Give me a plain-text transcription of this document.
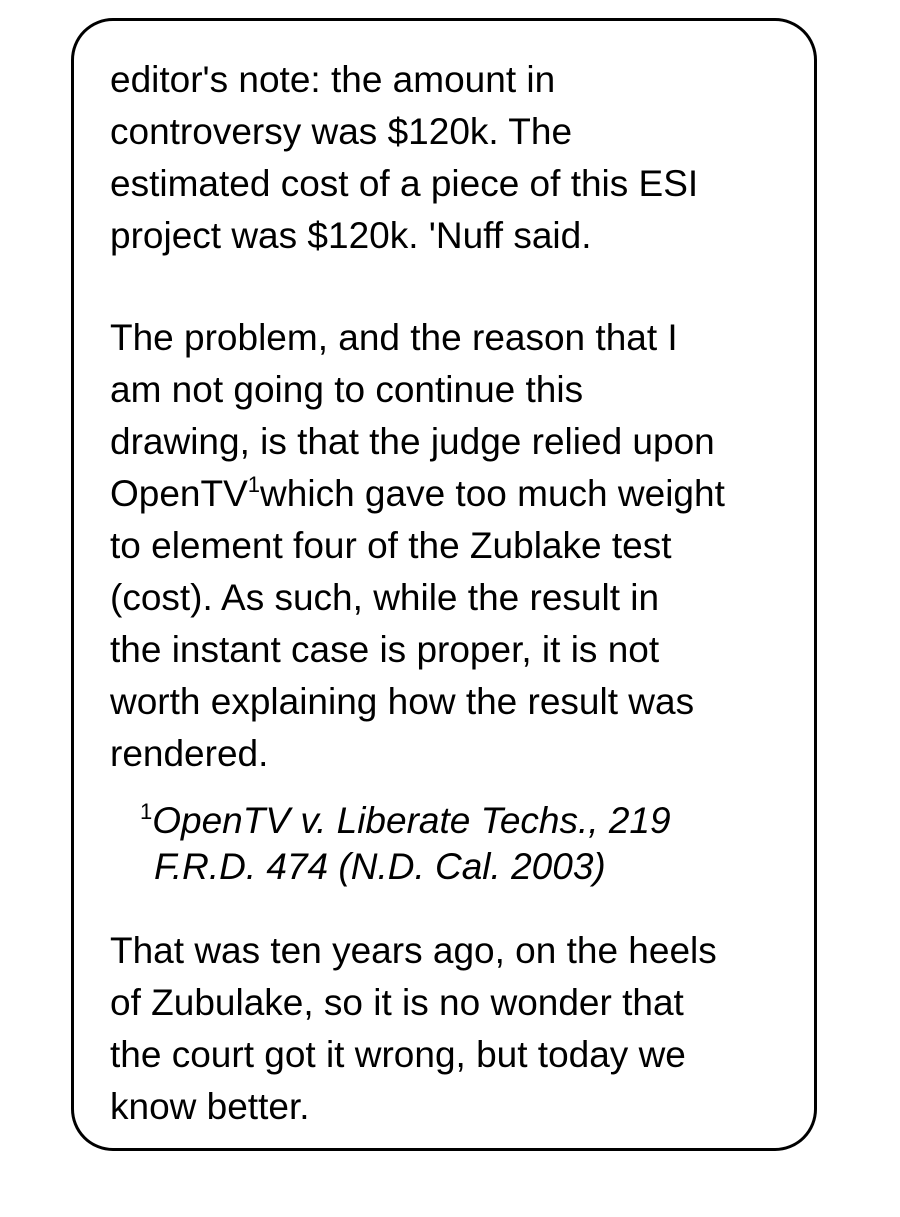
editor's note: the amount in
controversy was $120k. The
estimated cost of a piece of this ESI
project was $120k. 'Nuff said.
The problem, and the reason that I
am not going to continue this
drawing, is that the judge relied upon
OpenTV$^1$which gave too much weight
to element four of the Zublake test
(cost). As such, while the result in
the instant case is proper, it is not
worth explaining how the result was
rendered.
$^1$OpenTV v. Liberate Techs., 219
F.R.D. 474 (N.D. Cal. 2003)
That was ten years ago, on the heels
of Zubulake, so it is no wonder that
the court got it wrong, but today we
know better.
